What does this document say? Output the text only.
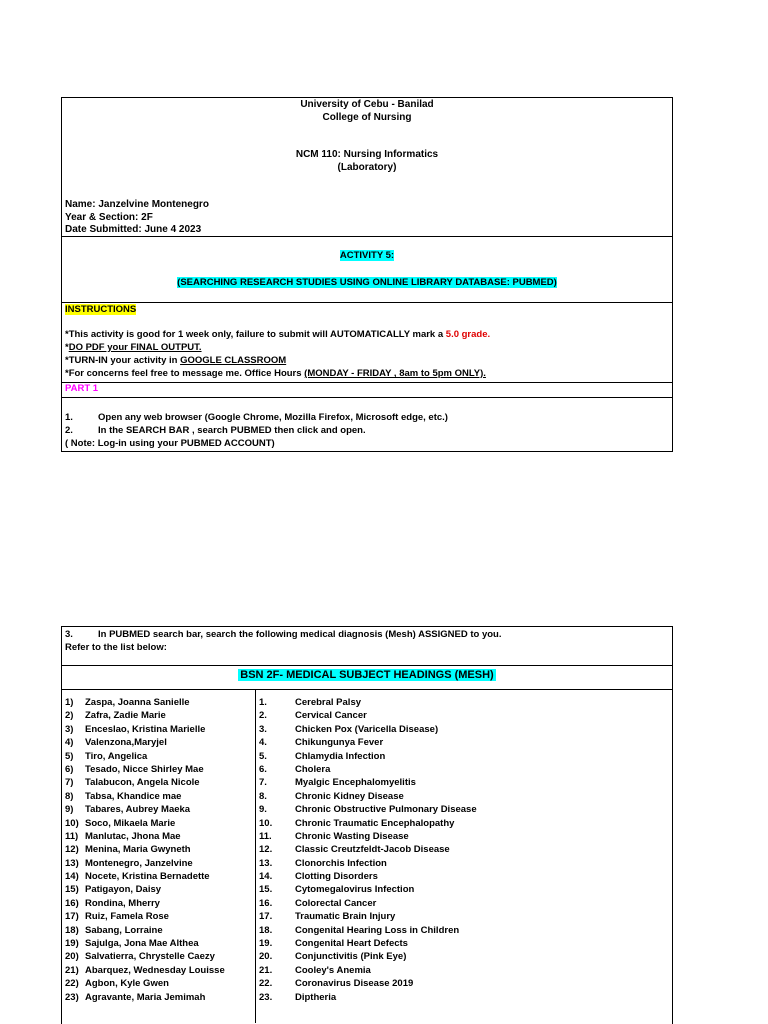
University of Cebu - Banilad
College of Nursing
NCM 110: Nursing Informatics
(Laboratory)
Name: Janzelvine Montenegro
Year & Section: 2F
Date Submitted: June 4 2023
ACTIVITY 5:
(SEARCHING RESEARCH STUDIES USING ONLINE LIBRARY DATABASE: PUBMED)
INSTRUCTIONS
*This activity is good for 1 week only, failure to submit will AUTOMATICALLY mark a 5.0 grade.
*DO PDF your FINAL OUTPUT.
*TURN-IN your activity in GOOGLE CLASSROOM
*For concerns feel free to message me. Office Hours (MONDAY - FRIDAY , 8am to 5pm ONLY).
PART 1
1.	Open any web browser (Google Chrome, Mozilla Firefox, Microsoft edge, etc.)
2.	In the SEARCH BAR , search PUBMED then click and open.
( Note: Log-in using your PUBMED ACCOUNT)
3.	In PUBMED search bar, search the following medical diagnosis (Mesh) ASSIGNED to you.
Refer to the list below:
BSN 2F- MEDICAL SUBJECT HEADINGS (MESH)
1) Zaspa, Joanna Sanielle
2) Zafra, Zadie Marie
3) Enceslao, Kristina Marielle
4) Valenzona,Maryjel
5) Tiro, Angelica
6) Tesado, Nicce Shirley Mae
7) Talabucon, Angela Nicole
8) Tabsa, Khandice mae
9) Tabares, Aubrey Maeka
10) Soco, Mikaela Marie
11) Manlutac, Jhona Mae
12) Menina, Maria Gwyneth
13) Montenegro, Janzelvine
14) Nocete, Kristina Bernadette
15) Patigayon, Daisy
16) Rondina, Mherry
17) Ruiz, Famela Rose
18) Sabang, Lorraine
19) Sajulga, Jona Mae Althea
20) Salvatierra, Chrystelle Caezy
21) Abarquez, Wednesday Louisse
22) Agbon, Kyle Gwen
23) Agravante, Maria Jemimah
1.	Cerebral Palsy
2.	Cervical Cancer
3.	Chicken Pox (Varicella Disease)
4.	Chikungunya Fever
5.	Chlamydia Infection
6.	Cholera
7.	Myalgic Encephalomyelitis
8.	Chronic Kidney Disease
9.	Chronic Obstructive Pulmonary Disease
10. Chronic Traumatic Encephalopathy
11. Chronic Wasting Disease
12. Classic Creutzfeldt-Jacob Disease
13. Clonorchis Infection
14. Clotting Disorders
15. Cytomegalovirus Infection
16. Colorectal Cancer
17. Traumatic Brain Injury
18. Congenital Hearing Loss in Children
19. Congenital Heart Defects
20. Conjunctivitis (Pink Eye)
21. Cooley's Anemia
22. Coronavirus Disease 2019
23. Diptheria
